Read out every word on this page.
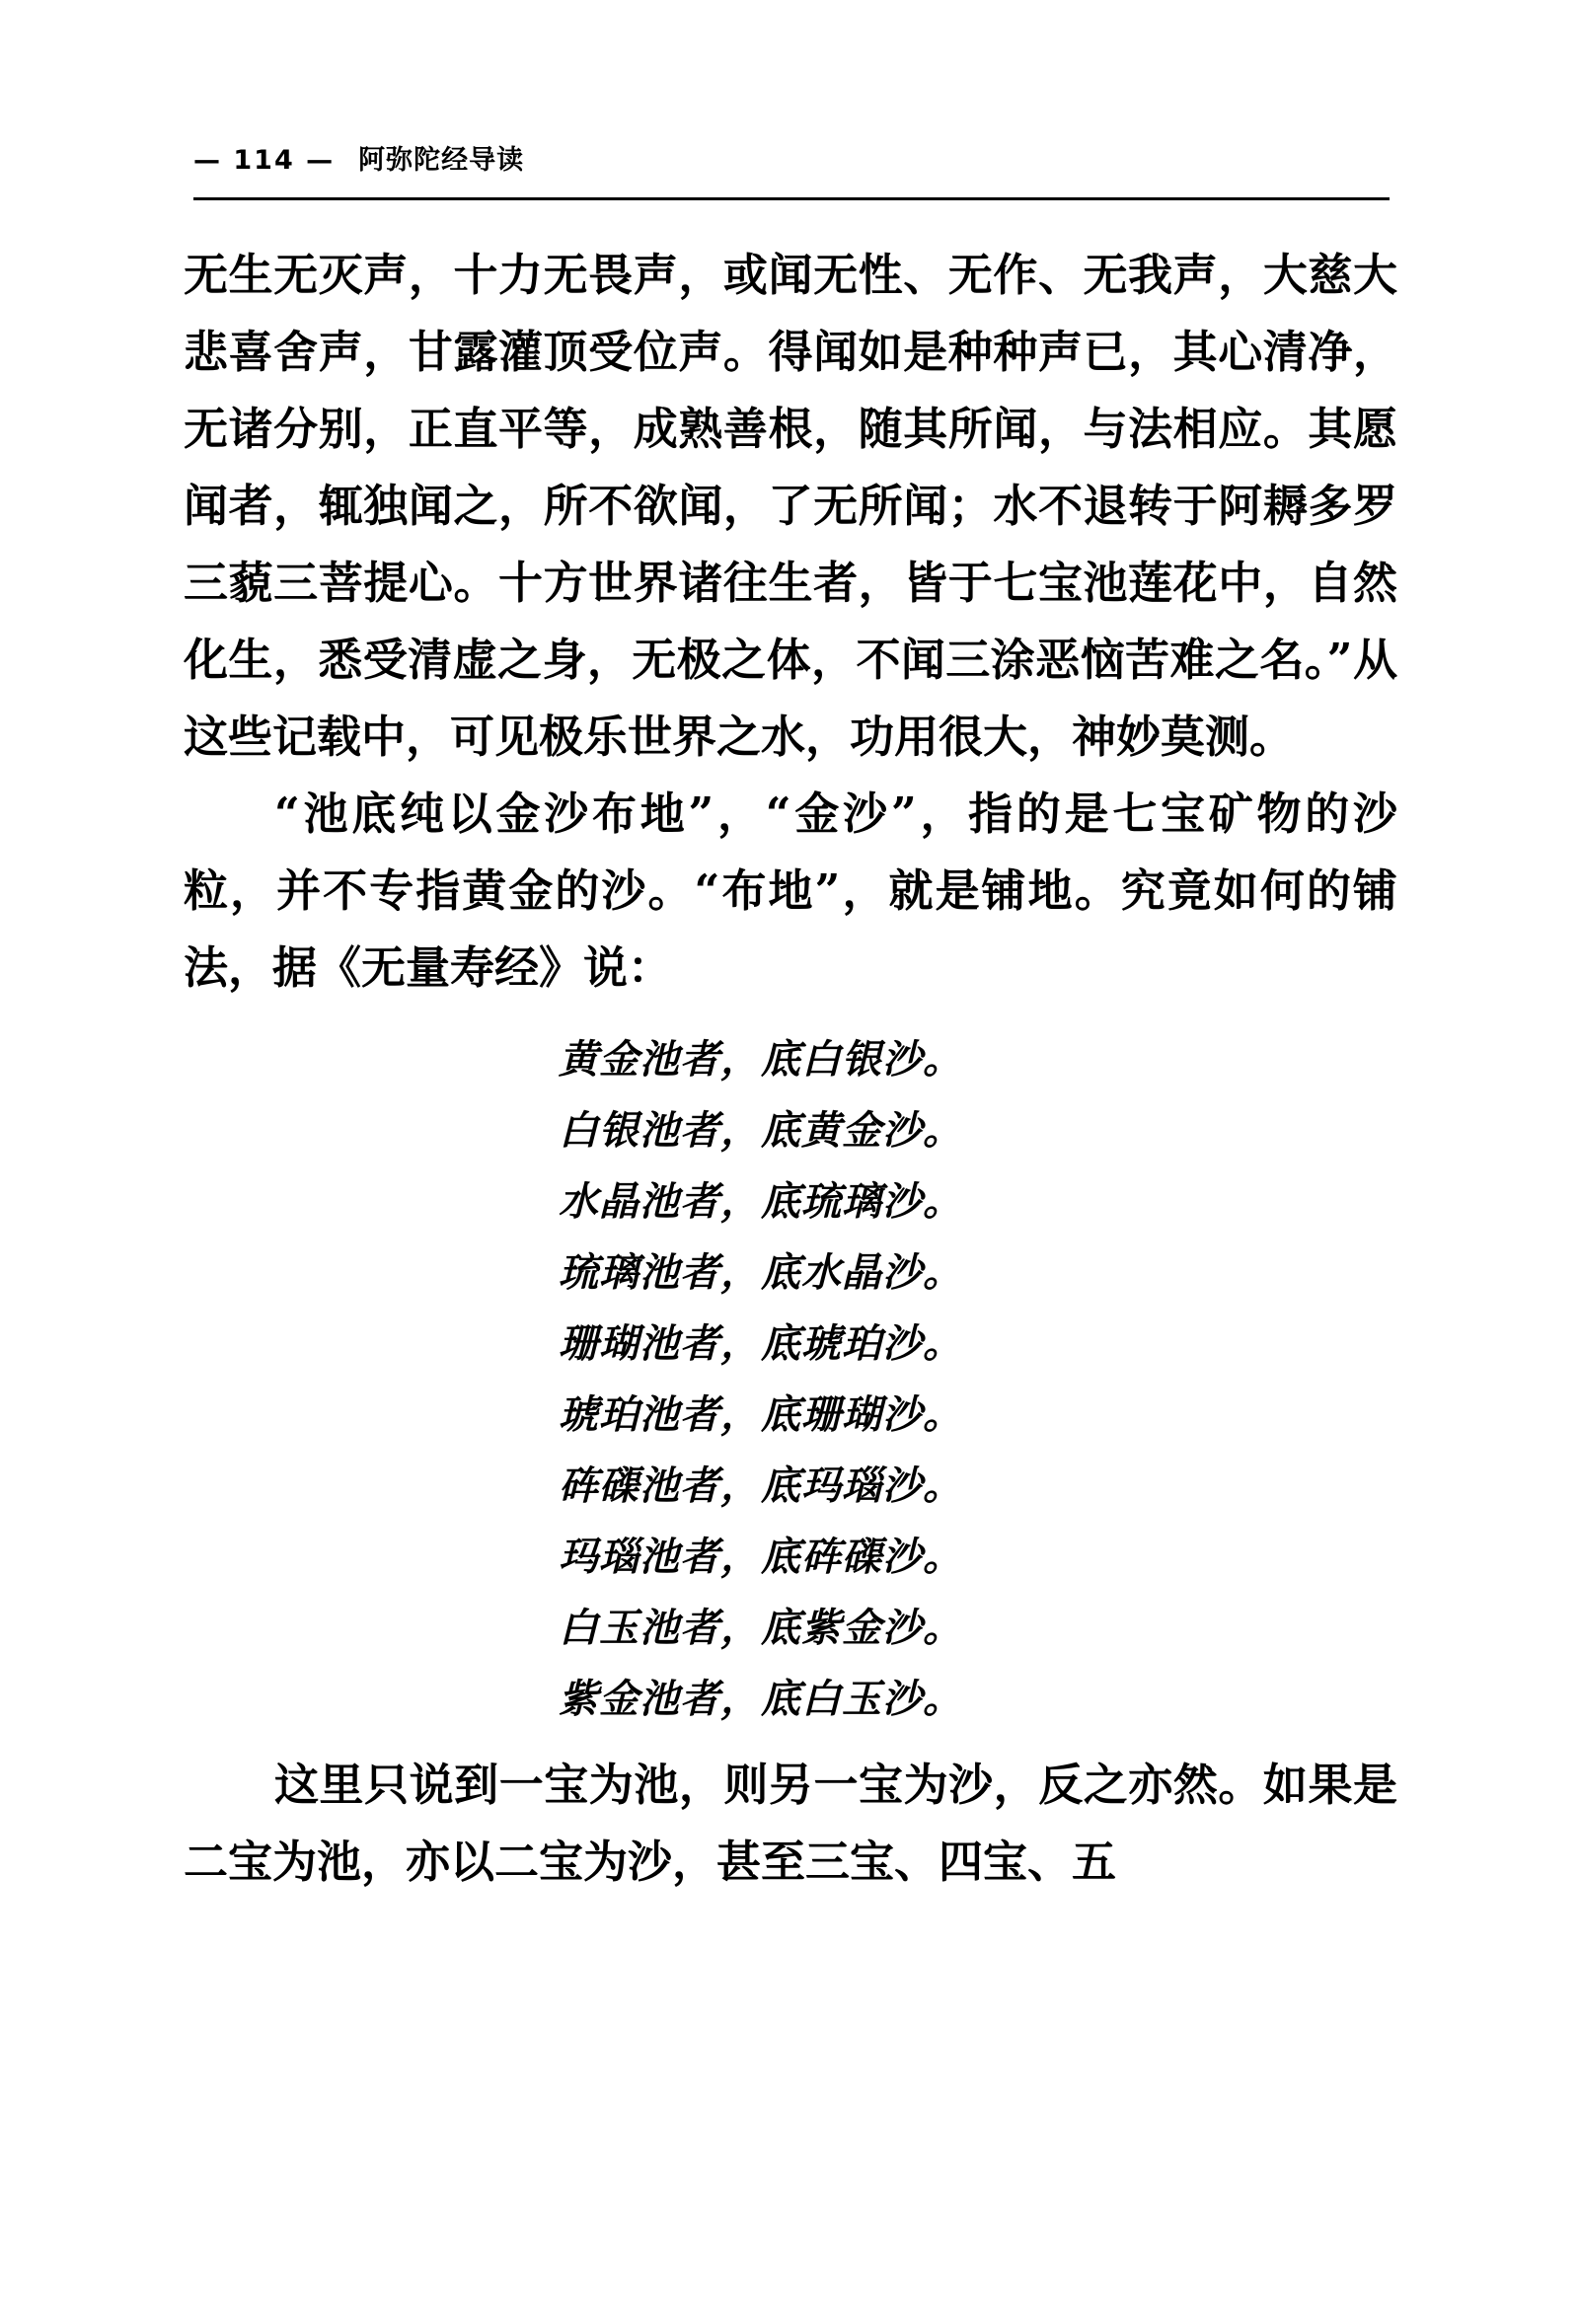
— 114 — 阿弥陀经导读

无生无灭声，十力无畏声，或闻无性、无作、无我声，大慈大悲喜舍声，甘露灌顶受位声。得闻如是种种声已，其心清净，无诸分别，正直平等，成熟善根，随其所闻，与法相应。其愿闻者，辄独闻之，所不欲闻，了无所闻；水不退转于阿耨多罗三藐三菩提心。十方世界诸往生者，皆于七宝池莲花中，自然化生，悉受清虚之身，无极之体，不闻三涂恶恼苦难之名。”从这些记载中，可见极乐世界之水，功用很大，神妙莫测。

“池底纯以金沙布地”，“金沙”，指的是七宝矿物的沙粒，并不专指黄金的沙。“布地”，就是铺地。究竟如何的铺法，据《无量寿经》说：

黄金池者，底白银沙。
白银池者，底黄金沙。
水晶池者，底琉璃沙。
琉璃池者，底水晶沙。
珊瑚池者，底琥珀沙。
琥珀池者，底珊瑚沙。
砗磲池者，底玛瑙沙。
玛瑙池者，底砗磲沙。
白玉池者，底紫金沙。
紫金池者，底白玉沙。

这里只说到一宝为池，则另一宝为沙，反之亦然。如果是二宝为池，亦以二宝为沙，甚至三宝、四宝、五
